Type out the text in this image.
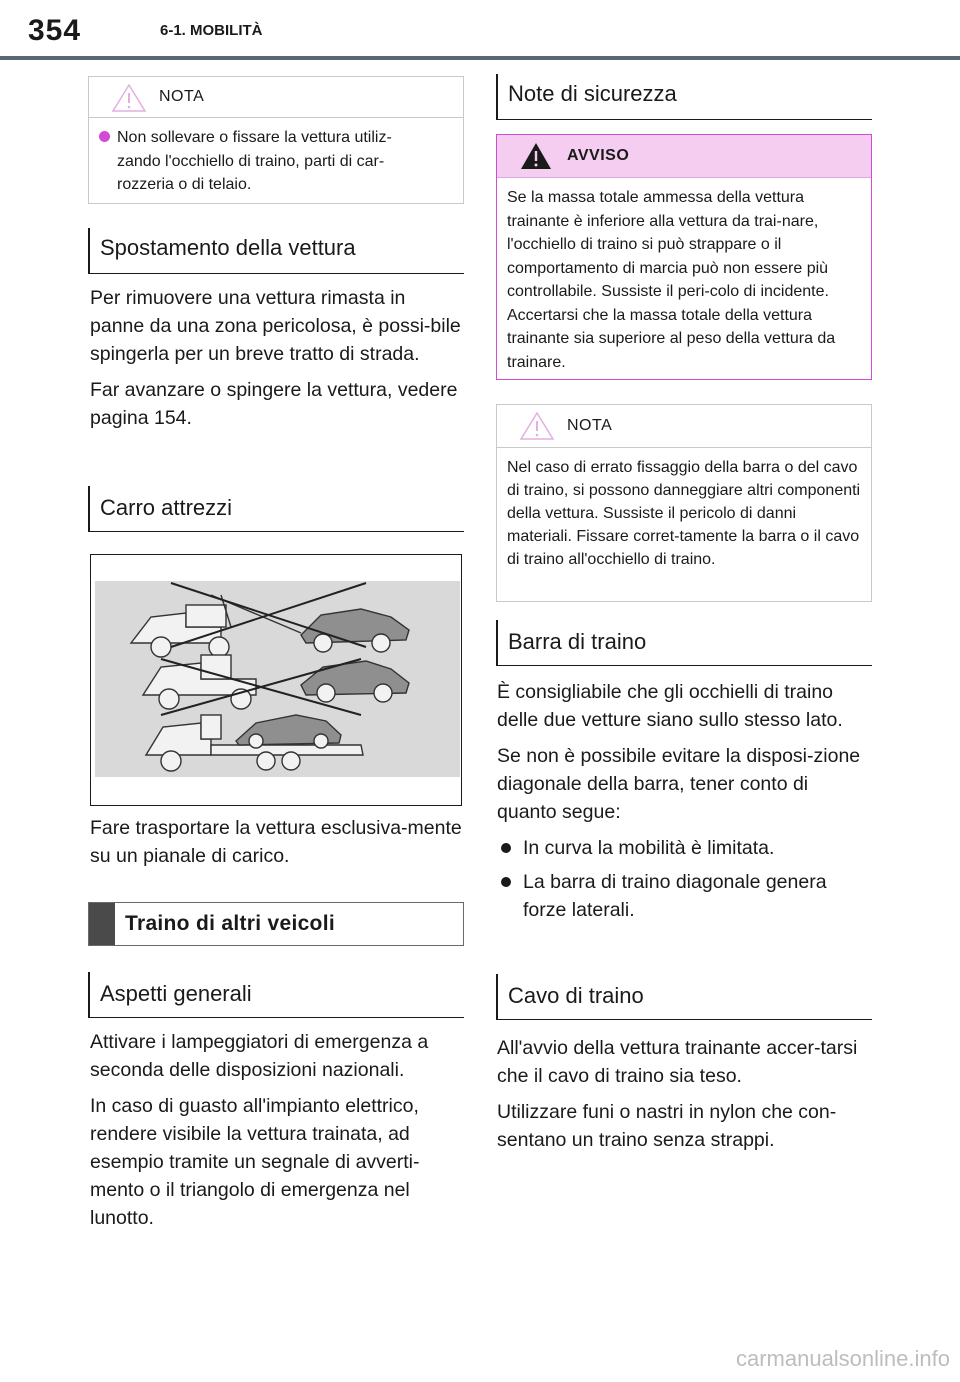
354	6-1. MOBILITÀ
NOTA
Non sollevare o fissare la vettura utiliz-
zando l'occhiello di traino, parti di car-
rozzeria o di telaio.
Spostamento della vettura

Per rimuovere una vettura rimasta in panne da una zona pericolosa, è possi-bile spingerla per un breve tratto di strada.

Far avanzare o spingere la vettura, vedere pagina 154.

Carro attrezzi

Fare trasportare la vettura esclusiva-mente su un pianale di carico.

Traino di altri veicoli
Aspetti generali

Attivare i lampeggiatori di emergenza a seconda delle disposizioni nazionali.

In caso di guasto all'impianto elettrico, rendere visibile la vettura trainata, ad esempio tramite un segnale di avverti-mento o il triangolo di emergenza nel lunotto.

Note di sicurezza
AVVISO
Se la massa totale ammessa della vettura trainante è inferiore alla vettura da trai-nare, l'occhiello di traino si può strappare o il comportamento di marcia può non essere più controllabile. Sussiste il peri-colo di incidente. Accertarsi che la massa totale della vettura trainante sia superiore al peso della vettura da trainare.
NOTA
Nel caso di errato fissaggio della barra o del cavo di traino, si possono danneggiare altri componenti della vettura. Sussiste il pericolo di danni materiali. Fissare corret-tamente la barra o il cavo di traino all'occhiello di traino.
Barra di traino

È consigliabile che gli occhielli di traino delle due vetture siano sullo stesso lato.

Se non è possibile evitare la disposi-zione diagonale della barra, tener conto di quanto segue:

In curva la mobilità è limitata.
La barra di traino diagonale genera forze laterali.
Cavo di traino

All'avvio della vettura trainante accer-tarsi che il cavo di traino sia teso.

Utilizzare funi o nastri in nylon che con-sentano un traino senza strappi.

carmanualsonline.info
